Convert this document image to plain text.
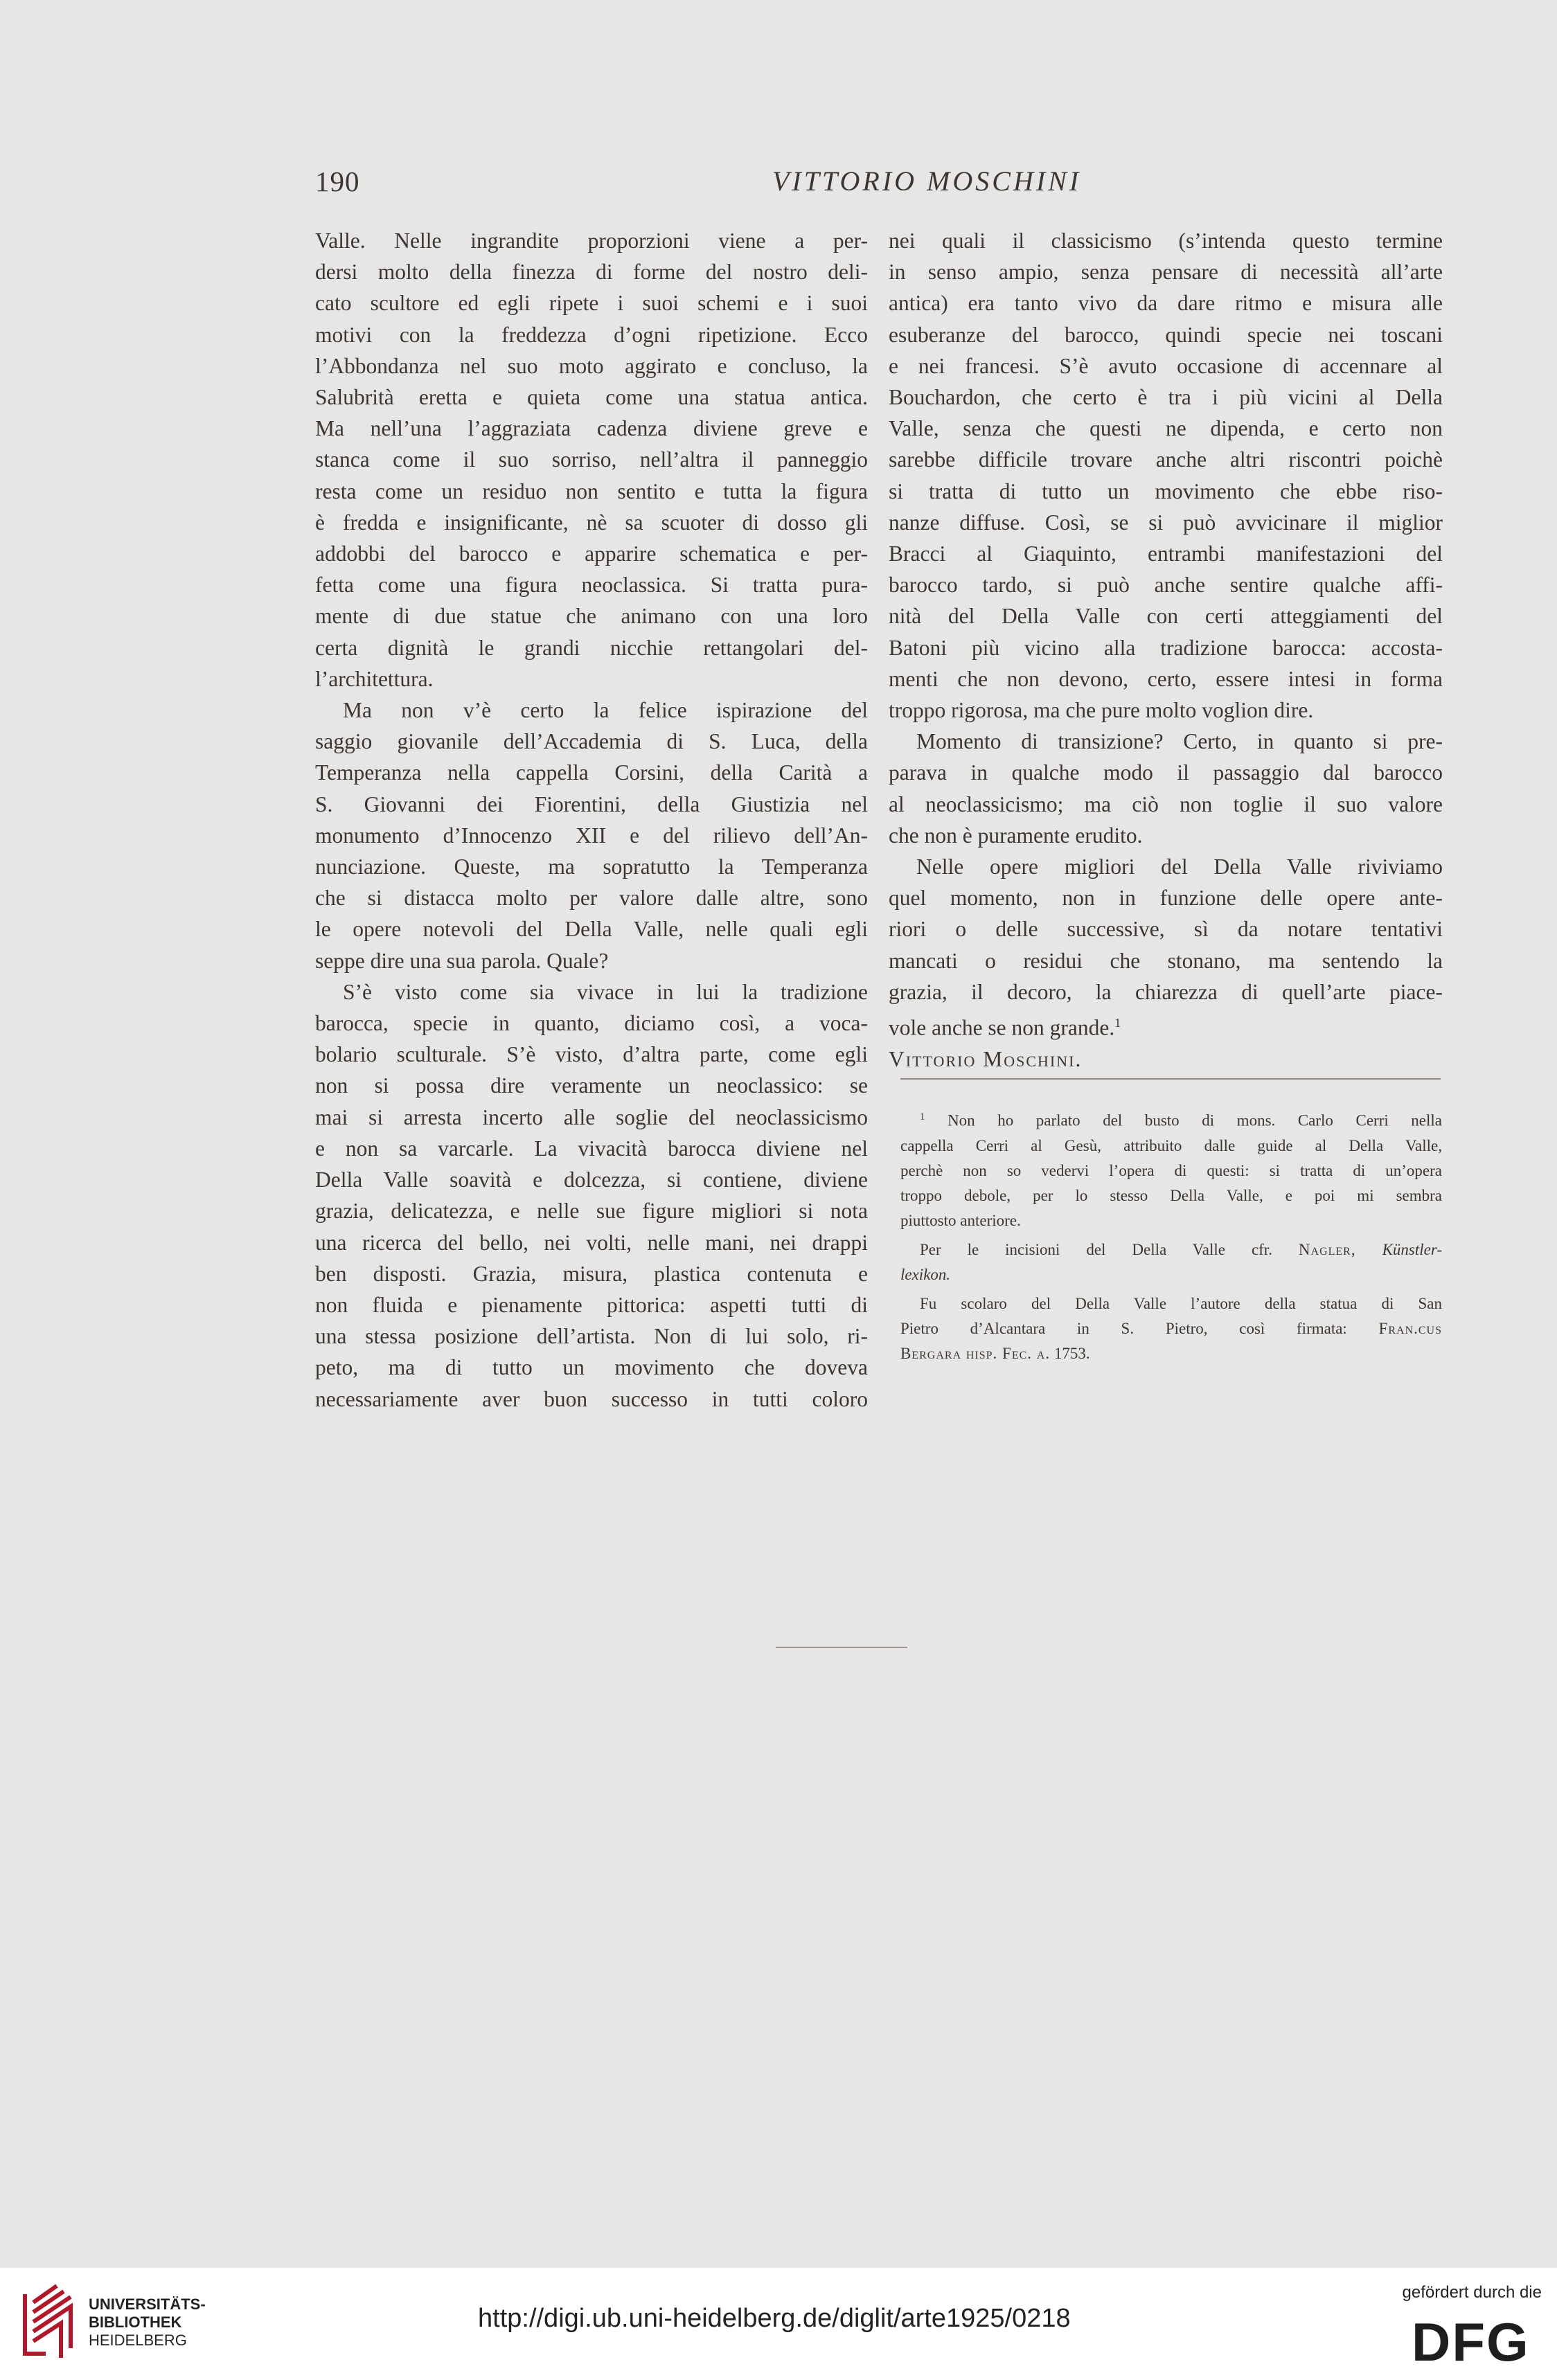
190	VITTORIO MOSCHINI
Valle. Nelle ingrandite proporzioni viene a per-
dersi molto della finezza di forme del nostro deli-
cato scultore ed egli ripete i suoi schemi e i suoi
motivi con la freddezza d’ogni ripetizione. Ecco
l’Abbondanza nel suo moto aggirato e concluso, la
Salubrità eretta e quieta come una statua antica.
Ma nell’una l’aggraziata cadenza diviene greve e
stanca come il suo sorriso, nell’altra il panneggio
resta come un residuo non sentito e tutta la figura
è fredda e insignificante, nè sa scuoter di dosso gli
addobbi del barocco e apparire schematica e per-
fetta come una figura neoclassica. Si tratta pura-
mente di due statue che animano con una loro
certa dignità le grandi nicchie rettangolari del-
l’architettura.
Ma non v’è certo la felice ispirazione del
saggio giovanile dell’Accademia di S. Luca, della
Temperanza nella cappella Corsini, della Carità a
S. Giovanni dei Fiorentini, della Giustizia nel
monumento d’Innocenzo XII e del rilievo dell’An-
nunciazione. Queste, ma sopratutto la Temperanza
che si distacca molto per valore dalle altre, sono
le opere notevoli del Della Valle, nelle quali egli
seppe dire una sua parola. Quale?
S’è visto come sia vivace in lui la tradizione
barocca, specie in quanto, diciamo così, a voca-
bolario sculturale. S’è visto, d’altra parte, come egli
non si possa dire veramente un neoclassico: se
mai si arresta incerto alle soglie del neoclassicismo
e non sa varcarle. La vivacità barocca diviene nel
Della Valle soavità e dolcezza, si contiene, diviene
grazia, delicatezza, e nelle sue figure migliori si nota
una ricerca del bello, nei volti, nelle mani, nei drappi
ben disposti. Grazia, misura, plastica contenuta e
non fluida e pienamente pittorica: aspetti tutti di
una stessa posizione dell’artista. Non di lui solo, ri-
peto, ma di tutto un movimento che doveva
necessariamente aver buon successo in tutti coloro
nei quali il classicismo (s’intenda questo termine
in senso ampio, senza pensare di necessità all’arte
antica) era tanto vivo da dare ritmo e misura alle
esuberanze del barocco, quindi specie nei toscani
e nei francesi. S’è avuto occasione di accennare al
Bouchardon, che certo è tra i più vicini al Della
Valle, senza che questi ne dipenda, e certo non
sarebbe difficile trovare anche altri riscontri poichè
si tratta di tutto un movimento che ebbe riso-
nanze diffuse. Così, se si può avvicinare il miglior
Bracci al Giaquinto, entrambi manifestazioni del
barocco tardo, si può anche sentire qualche affi-
nità del Della Valle con certi atteggiamenti del
Batoni più vicino alla tradizione barocca: accosta-
menti che non devono, certo, essere intesi in forma
troppo rigorosa, ma che pure molto voglion dire.
Momento di transizione? Certo, in quanto si pre-
parava in qualche modo il passaggio dal barocco
al neoclassicismo; ma ciò non toglie il suo valore
che non è puramente erudito.
Nelle opere migliori del Della Valle riviviamo
quel momento, non in funzione delle opere ante-
riori o delle successive, sì da notare tentativi
mancati o residui che stonano, ma sentendo la
grazia, il decoro, la chiarezza di quell’arte piace-
vole anche se non grande.$^1$
Vittorio Moschini.
$^1$ Non ho parlato del busto di mons. Carlo Cerri nella
cappella Cerri al Gesù, attribuito dalle guide al Della Valle,
perchè non so vedervi l’opera di questi: si tratta di un’opera
troppo debole, per lo stesso Della Valle, e poi mi sembra
piuttosto anteriore.
Per le incisioni del Della Valle cfr. Nagler, Künstler-
lexikon.
Fu scolaro del Della Valle l’autore della statua di San
Pietro d’Alcantara in S. Pietro, così firmata: Fran.cus
Bergara hisp. Fec. a. 1753.
UNIVERSITÄTS-
BIBLIOTHEK
HEIDELBERG
http://digi.ub.uni-heidelberg.de/diglit/arte1925/0218
gefördert durch die
DFG
